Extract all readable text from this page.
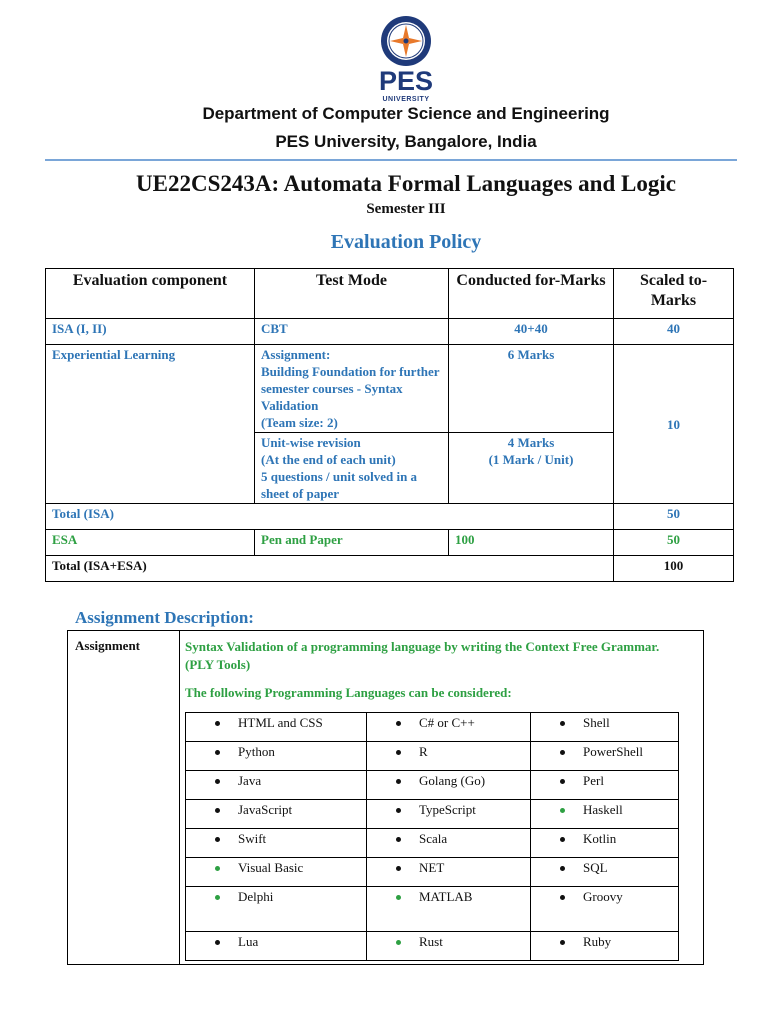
PES
UNIVERSITY
Department of Computer Science and Engineering
PES University, Bangalore, India
UE22CS243A: Automata Formal Languages and Logic
Semester III
Evaluation Policy
Evaluation component	Test Mode	Conducted for-Marks	Scaled to-Marks
ISA (I, II)	CBT	40+40	40
Experiential Learning	Assignment:
Building Foundation for further semester courses - Syntax Validation
(Team size: 2)	6 Marks	10
	Unit-wise revision
(At the end of each unit)
5 questions / unit solved in a sheet of paper	4 Marks
(1 Mark / Unit)	
Total (ISA)			50
ESA	Pen and Paper	100	50
Total (ISA+ESA)			100
Assignment Description:
Assignment	Syntax Validation of a programming language by writing the Context Free Grammar. (PLY Tools)
The following Programming Languages can be considered:
HTML and CSS	C# or C++	Shell

Python	R	PowerShell

Java	Golang (Go)	Perl

JavaScript	TypeScript	Haskell

Swift	Scala	Kotlin

Visual Basic	NET	SQL

Delphi	MATLAB	Groovy

Lua	Rust	Ruby
